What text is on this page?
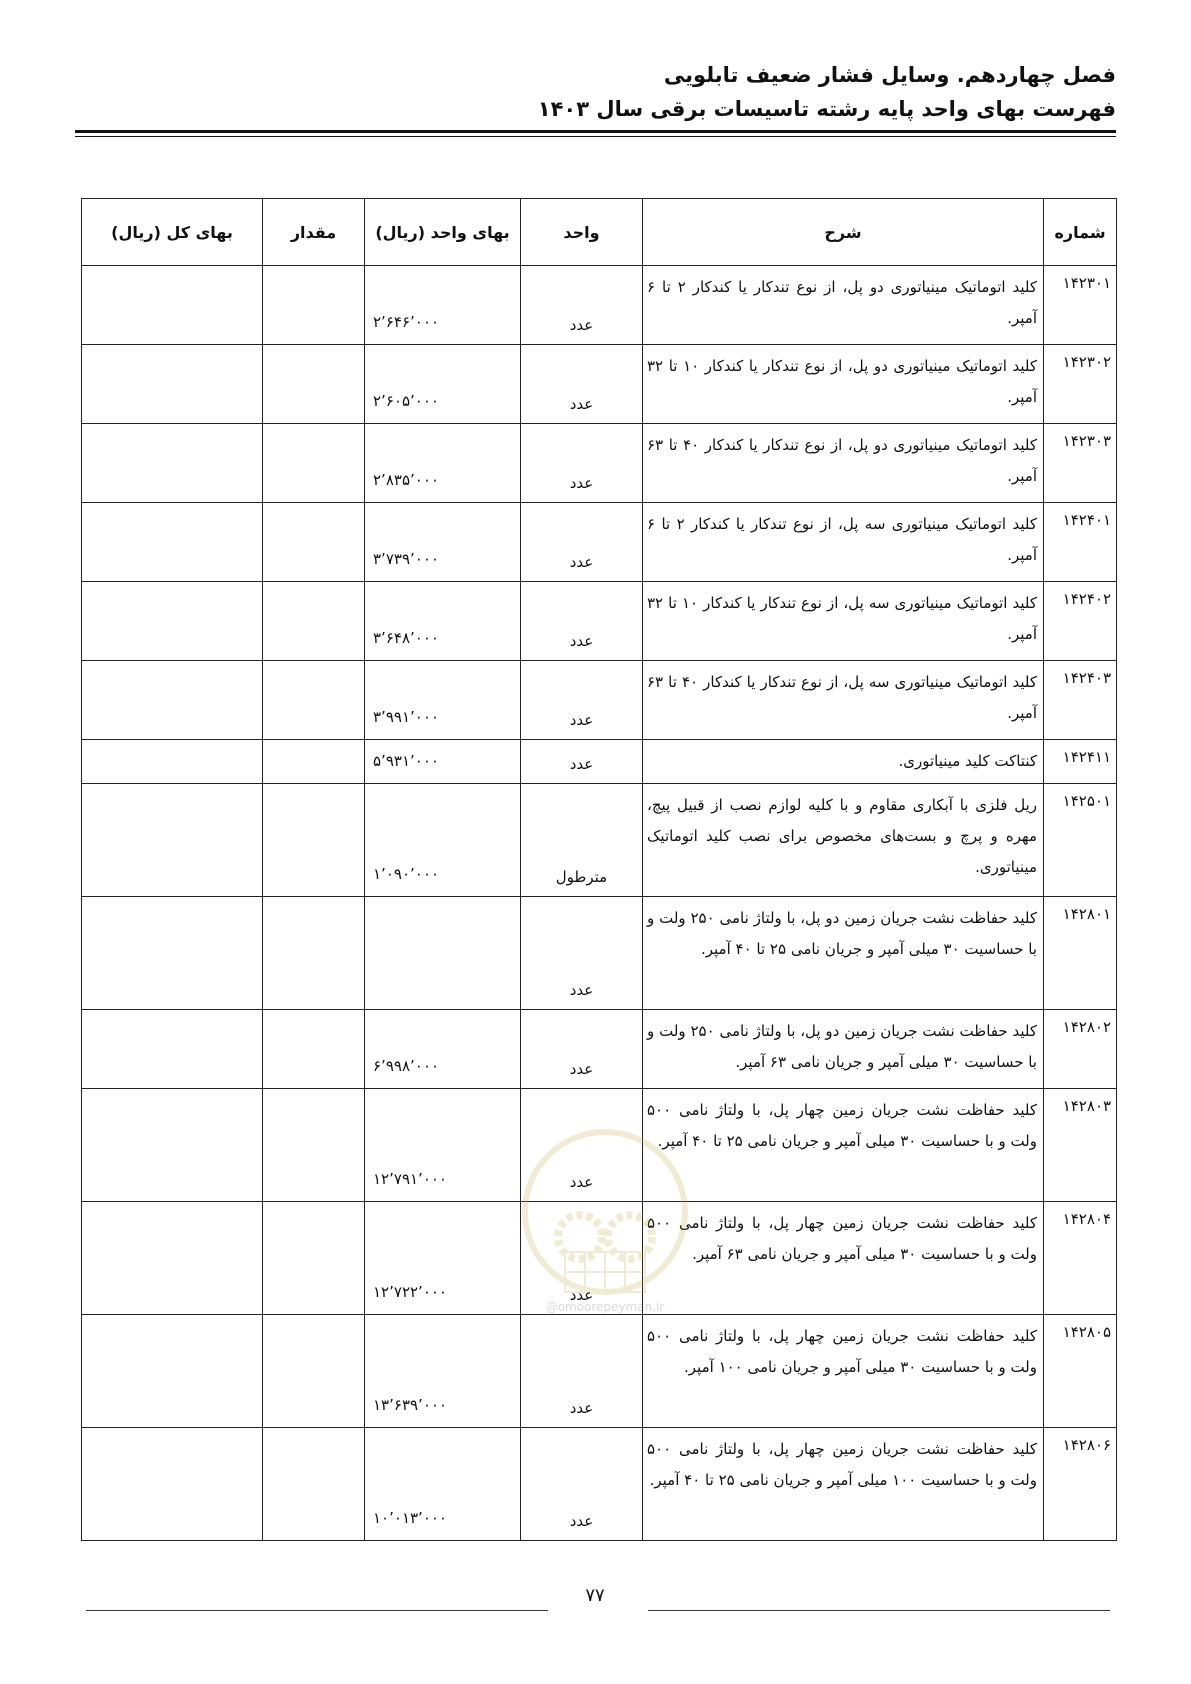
فصل چهاردهم. وسایل فشار ضعیف تابلویی
فهرست بهای واحد پایه رشته تاسیسات برقی سال ۱۴۰۳
شماره	شرح	واحد	بهای واحد (ریال)	مقدار	بهای کل (ریال)
۱۴۲۳۰۱	کلید اتوماتیک مینیاتوری دو پل، از نوع تندکار یا کندکار ۲ تا ۶ آمپر.	عدد	۲٬۶۴۶٬۰۰۰		
۱۴۲۳۰۲	کلید اتوماتیک مینیاتوری دو پل، از نوع تندکار یا کندکار ۱۰ تا ۳۲ آمپر.	عدد	۲٬۶۰۵٬۰۰۰		
۱۴۲۳۰۳	کلید اتوماتیک مینیاتوری دو پل، از نوع تندکار یا کندکار ۴۰ تا ۶۳ آمپر.	عدد	۲٬۸۳۵٬۰۰۰		
۱۴۲۴۰۱	کلید اتوماتیک مینیاتوری سه پل، از نوع تندکار یا کندکار ۲ تا ۶ آمپر.	عدد	۳٬۷۳۹٬۰۰۰		
۱۴۲۴۰۲	کلید اتوماتیک مینیاتوری سه پل، از نوع تندکار یا کندکار ۱۰ تا ۳۲ آمپر.	عدد	۳٬۶۴۸٬۰۰۰		
۱۴۲۴۰۳	کلید اتوماتیک مینیاتوری سه پل، از نوع تندکار یا کندکار ۴۰ تا ۶۳ آمپر.	عدد	۳٬۹۹۱٬۰۰۰		
۱۴۲۴۱۱	کنتاکت کلید مینیاتوری.	عدد	۵٬۹۳۱٬۰۰۰		
۱۴۲۵۰۱	ریل فلزی با آبکاری مقاوم و با کلیه لوازم نصب از قبیل پیچ، مهره و پرچ و بست‌های مخصوص برای نصب کلید اتوماتیک مینیاتوری.	مترطول	۱٬۰۹۰٬۰۰۰		
۱۴۲۸۰۱	کلید حفاظت نشت جریان زمین دو پل، با ولتاژ نامی ۲۵۰ ولت و با حساسیت ۳۰ میلی آمپر و جریان نامی ۲۵ تا ۴۰ آمپر.	عدد			
۱۴۲۸۰۲	کلید حفاظت نشت جریان زمین دو پل، با ولتاژ نامی ۲۵۰ ولت و با حساسیت ۳۰ میلی آمپر و جریان نامی ۶۳ آمپر.	عدد	۶٬۹۹۸٬۰۰۰		
۱۴۲۸۰۳	کلید حفاظت نشت جریان زمین چهار پل، با ولتاژ نامی ۵۰۰ ولت و با حساسیت ۳۰ میلی آمپر و جریان نامی ۲۵ تا ۴۰ آمپر.	عدد	۱۲٬۷۹۱٬۰۰۰		
۱۴۲۸۰۴	کلید حفاظت نشت جریان زمین چهار پل، با ولتاژ نامی ۵۰۰ ولت و با حساسیت ۳۰ میلی آمپر و جریان نامی ۶۳ آمپر.	عدد	۱۲٬۷۲۲٬۰۰۰		
۱۴۲۸۰۵	کلید حفاظت نشت جریان زمین چهار پل، با ولتاژ نامی ۵۰۰ ولت و با حساسیت ۳۰ میلی آمپر و جریان نامی ۱۰۰ آمپر.	عدد	۱۳٬۶۳۹٬۰۰۰		
۱۴۲۸۰۶	کلید حفاظت نشت جریان زمین چهار پل، با ولتاژ نامی ۵۰۰ ولت و با حساسیت ۱۰۰ میلی آمپر و جریان نامی ۲۵ تا ۴۰ آمپر.	عدد	۱۰٬۰۱۳٬۰۰۰		
@omoorepeyman.ir
۷۷
